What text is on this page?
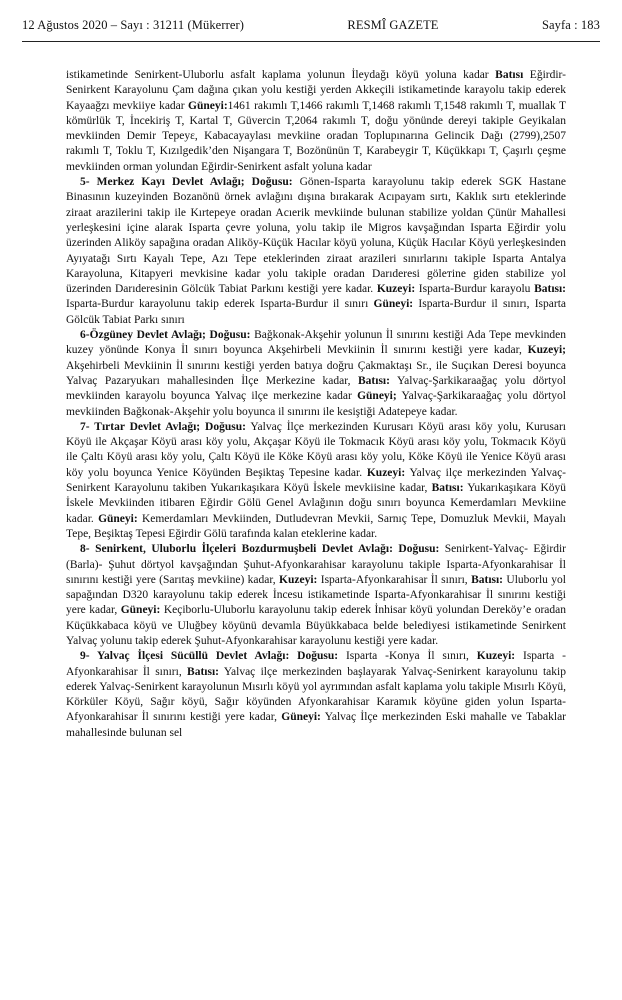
12 Ağustos 2020 – Sayı : 31211 (Mükerrer)	RESMÎ GAZETE	Sayfa : 183

istikametinde Senirkent-Uluborlu asfalt kaplama yolunun İleydağı köyü yoluna kadar Batısı Eğirdir-Senirkent Karayolunu Çam dağına çıkan yolu kestiği yerden Akkeçili istikametinde karayolu takip ederek Kayaağzı mevkiiye kadar Güneyi:1461 rakımlı T,1466 rakımlı T,1468 rakımlı T,1548 rakımlı T, muallak T kömürlük T, İncekiriş T, Kartal T, Güvercin T,2064 rakımlı T, doğu yönünde dereyi takiple Geyikalan mevkiinden Demir Tepeyε, Kabacayaylası mevkiine oradan Toplupınarına Gelincik Dağı (2799),2507 rakımlı T, Toklu T, Kızılgedik’den Nişangara T, Bozönünün T, Karabeygir T, Küçükkapı T, Çaşırlı çeşme mevkiinden orman yolundan Eğirdir-Senirkent asfalt yoluna kadar

5- Merkez Kayı Devlet Avlağı; Doğusu: Gönen-Isparta karayolunu takip ederek SGK Hastane Binasının kuzeyinden Bozanönü örnek avlağını dışına bırakarak Acıpayam sırtı, Kaklık sırtı eteklerinde ziraat arazilerini takip ile Kırtepeye oradan Acıerik mevkiinde bulunan stabilize yoldan Çünür Mahallesi yerleşkesini içine alarak Isparta çevre yoluna, yolu takip ile Migros kavşağından Isparta Eğirdir yolu üzerinden Aliköy sapağına oradan Aliköy-Küçük Hacılar köyü yoluna, Küçük Hacılar Köyü yerleşkesinden Ayıyatağı Sırtı Kayalı Tepe, Azı Tepe eteklerinden ziraat arazileri sınırlarını takiple Isparta Antalya Karayoluna, Kitapyeri mevkisine kadar yolu takiple oradan Darıderesi gölетine giden stabilize yol üzerinden Darıderesinin Gölcük Tabiat Parkını kestiği yere kadar. Kuzeyi: Isparta-Burdur karayolu Batısı: Isparta-Burdur karayolunu takip ederek Isparta-Burdur il sınırı Güneyi: Isparta-Burdur il sınırı, Isparta Gölcük Tabiat Parkı sınırı

6-Özgüney Devlet Avlağı; Doğusu: Bağkonak-Akşehir yolunun İl sınırını kestiği Ada Tepe mevkinden kuzey yönünde Konya İl sınırı boyunca Akşehirbeli Mevkiinin İl sınırını kestiği yere kadar, Kuzeyi; Akşehirbeli Mevkiinin İl sınırını kestiği yerden batıya doğru Çakmaktaşı Sr., ile Suçıkan Deresi boyunca Yalvaç Pazaryukarı mahallesinden İlçe Merkezine kadar, Batısı: Yalvaç-Şarkikaraağaç yolu dörtyol mevkiinden karayolu boyunca Yalvaç ilçe merkezine kadar Güneyi; Yalvaç-Şarkikaraağaç yolu dörtyol mevkiinden Bağkonak-Akşehir yolu boyunca il sınırını ile kesiştiği Adatepeye kadar.

7- Tırtar Devlet Avlağı; Doğusu: Yalvaç İlçe merkezinden Kurusarı Köyü arası köy yolu, Kurusarı Köyü ile Akçaşar Köyü arası köy yolu, Akçaşar Köyü ile Tokmacık Köyü arası köy yolu, Tokmacık Köyü ile Çaltı Köyü arası köy yolu, Çaltı Köyü ile Köke Köyü arası köy yolu, Köke Köyü ile Yenice Köyü arası köy yolu boyunca Yenice Köyünden Beşiktaş Tepesine kadar. Kuzeyi: Yalvaç ilçe merkezinden Yalvaç-Senirkent Karayolunu takiben Yukarıkaşıkara Köyü İskele mevkiisine kadar, Batısı: Yukarıkaşıkara Köyü İskele Mevkiinden itibaren Eğirdir Gölü Genel Avlağının doğu sınırı boyunca Kemerdamları Mevkiine kadar. Güneyi: Kemerdamları Mevkiinden, Dutludevran Mevkii, Sarnıç Tepe, Domuzluk Mevkii, Mayalı Tepe, Beşiktaş Tepesi Eğirdir Gölü tarafında kalan eteklerine kadar.

8- Senirkent, Uluborlu İlçeleri Bozdurmuşbeli Devlet Avlağı: Doğusu: Senirkent-Yalvaç- Eğirdir (Barla)- Şuhut dörtyol kavşağından Şuhut-Afyonkarahisar karayolunu takiple Isparta-Afyonkarahisar İl sınırını kestiği yere (Sarıtaş mevkiine) kadar, Kuzeyi: Isparta-Afyonkarahisar İl sınırı, Batısı: Uluborlu yol sapağından D320 karayolunu takip ederek İncesu istikametinde Isparta-Afyonkarahisar İl sınırını kestiği yere kadar, Güneyi: Keçiborlu-Uluborlu karayolunu takip ederek İnhisar köyü yolundan Dereköy’e oradan Küçükkabaca köyü ve Uluğbey köyünü devamla Büyükkabaca belde belediyesi istikametinde Senirkent Yalvaç yolunu takip ederek Şuhut-Afyonkarahisar karayolunu kestiği yere kadar.

9- Yalvaç İlçesi Sücüllü Devlet Avlağı: Doğusu: Isparta -Konya İl sınırı, Kuzeyi: Isparta -Afyonkarahisar İl sınırı, Batısı: Yalvaç ilçe merkezinden başlayarak Yalvaç-Senirkent karayolunu takip ederek Yalvaç-Senirkent karayolunun Mısırlı köyü yol ayrımından asfalt kaplama yolu takiple Mısırlı Köyü, Körküler Köyü, Sağır köyü, Sağır köyünden Afyonkarahisar Karamık köyüne giden yolun Isparta-Afyonkarahisar İl sınırını kestiği yere kadar, Güneyi: Yalvaç İlçe merkezinden Eski mahalle ve Tabaklar mahallesinde bulunan sel
